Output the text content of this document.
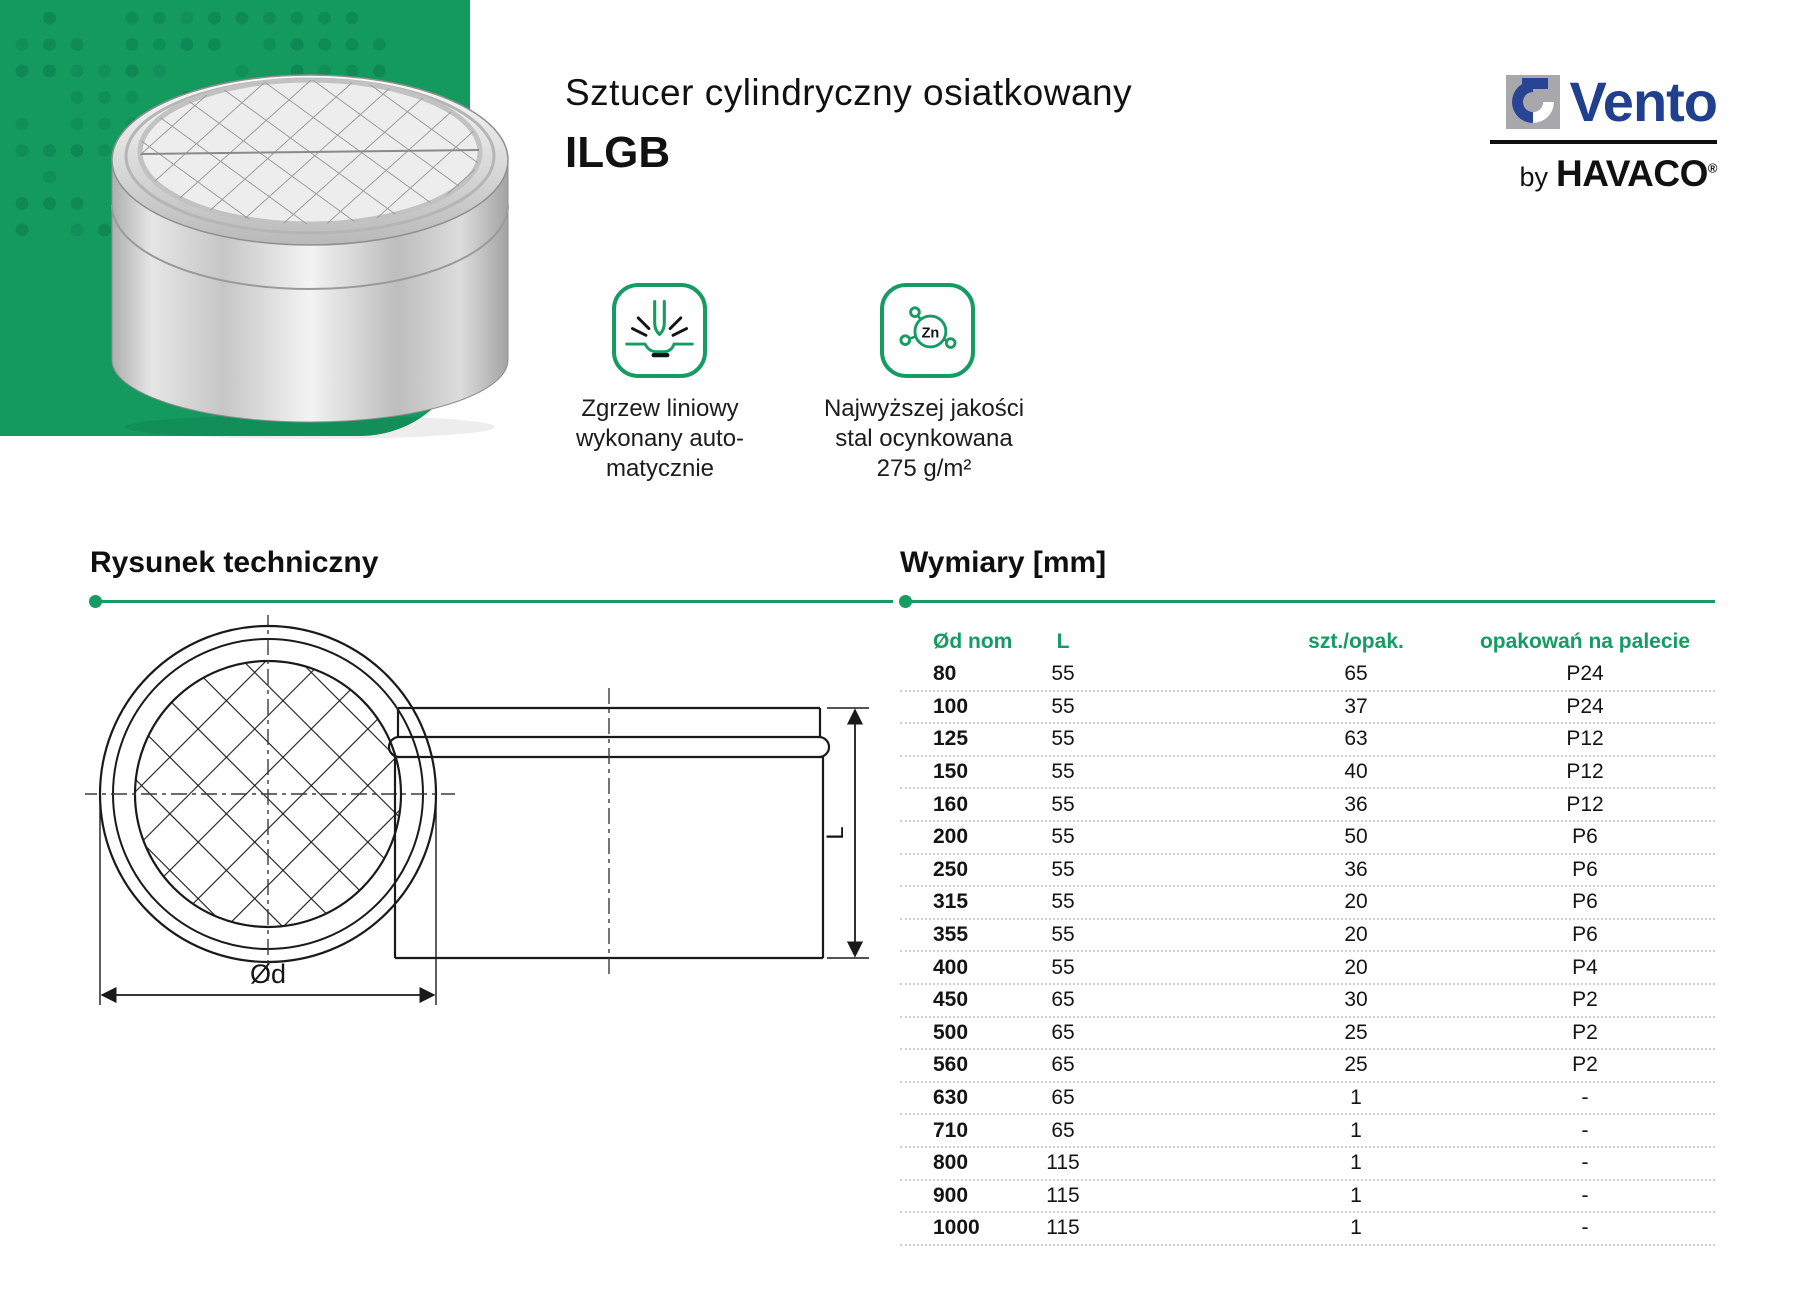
Sztucer cylindryczny osiatkowany
ILGB
Vento
by HAVACO®
Zgrzew liniowy
wykonany auto-
matycznie
Zn
Najwyższej jakości
stal ocynkowana
275 g/m²
Rysunek techniczny	Wymiary [mm]
Ød
L
Ød nom	L	szt./opak.	opakowań na palecie
80	55	65	P24
100	55	37	P24
125	55	63	P12
150	55	40	P12
160	55	36	P12
200	55	50	P6
250	55	36	P6
315	55	20	P6
355	55	20	P6
400	55	20	P4
450	65	30	P2
500	65	25	P2
560	65	25	P2
630	65	1	-
710	65	1	-
800	115	1	-
900	115	1	-
1000	115	1	-
